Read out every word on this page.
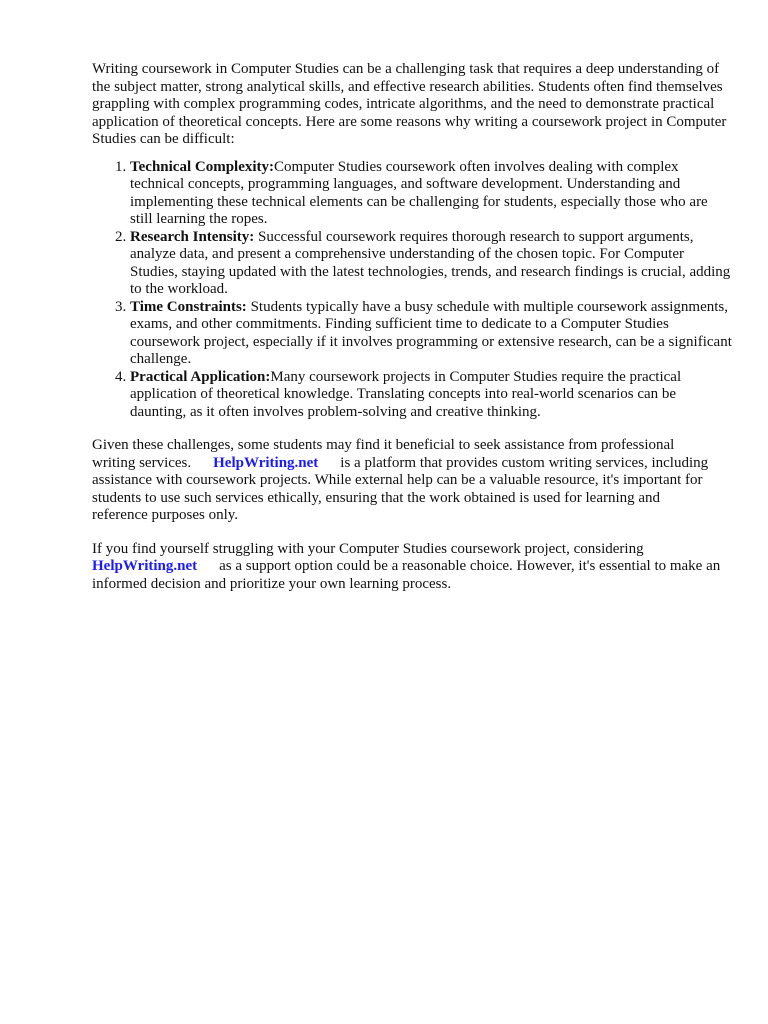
Writing coursework in Computer Studies can be a challenging task that requires a deep understanding of the subject matter, strong analytical skills, and effective research abilities. Students often find themselves grappling with complex programming codes, intricate algorithms, and the need to demonstrate practical application of theoretical concepts. Here are some reasons why writing a coursework project in Computer Studies can be difficult:

1. Technical Complexity:Computer Studies coursework often involves dealing with complex technical concepts, programming languages, and software development. Understanding and implementing these technical elements can be challenging for students, especially those who are still learning the ropes.
2. Research Intensity: Successful coursework requires thorough research to support arguments, analyze data, and present a comprehensive understanding of the chosen topic. For Computer Studies, staying updated with the latest technologies, trends, and research findings is crucial, adding to the workload.
3. Time Constraints: Students typically have a busy schedule with multiple coursework assignments, exams, and other commitments. Finding sufficient time to dedicate to a Computer Studies coursework project, especially if it involves programming or extensive research, can be a significant challenge.
4. Practical Application:Many coursework projects in Computer Studies require the practical application of theoretical knowledge. Translating concepts into real-world scenarios can be daunting, as it often involves problem-solving and creative thinking.

Given these challenges, some students may find it beneficial to seek assistance from professional writing services. HelpWriting.net is a platform that provides custom writing services, including assistance with coursework projects. While external help can be a valuable resource, it's important for students to use such services ethically, ensuring that the work obtained is used for learning and reference purposes only.

If you find yourself struggling with your Computer Studies coursework project, considering HelpWriting.net as a support option could be a reasonable choice. However, it's essential to make an informed decision and prioritize your own learning process.
